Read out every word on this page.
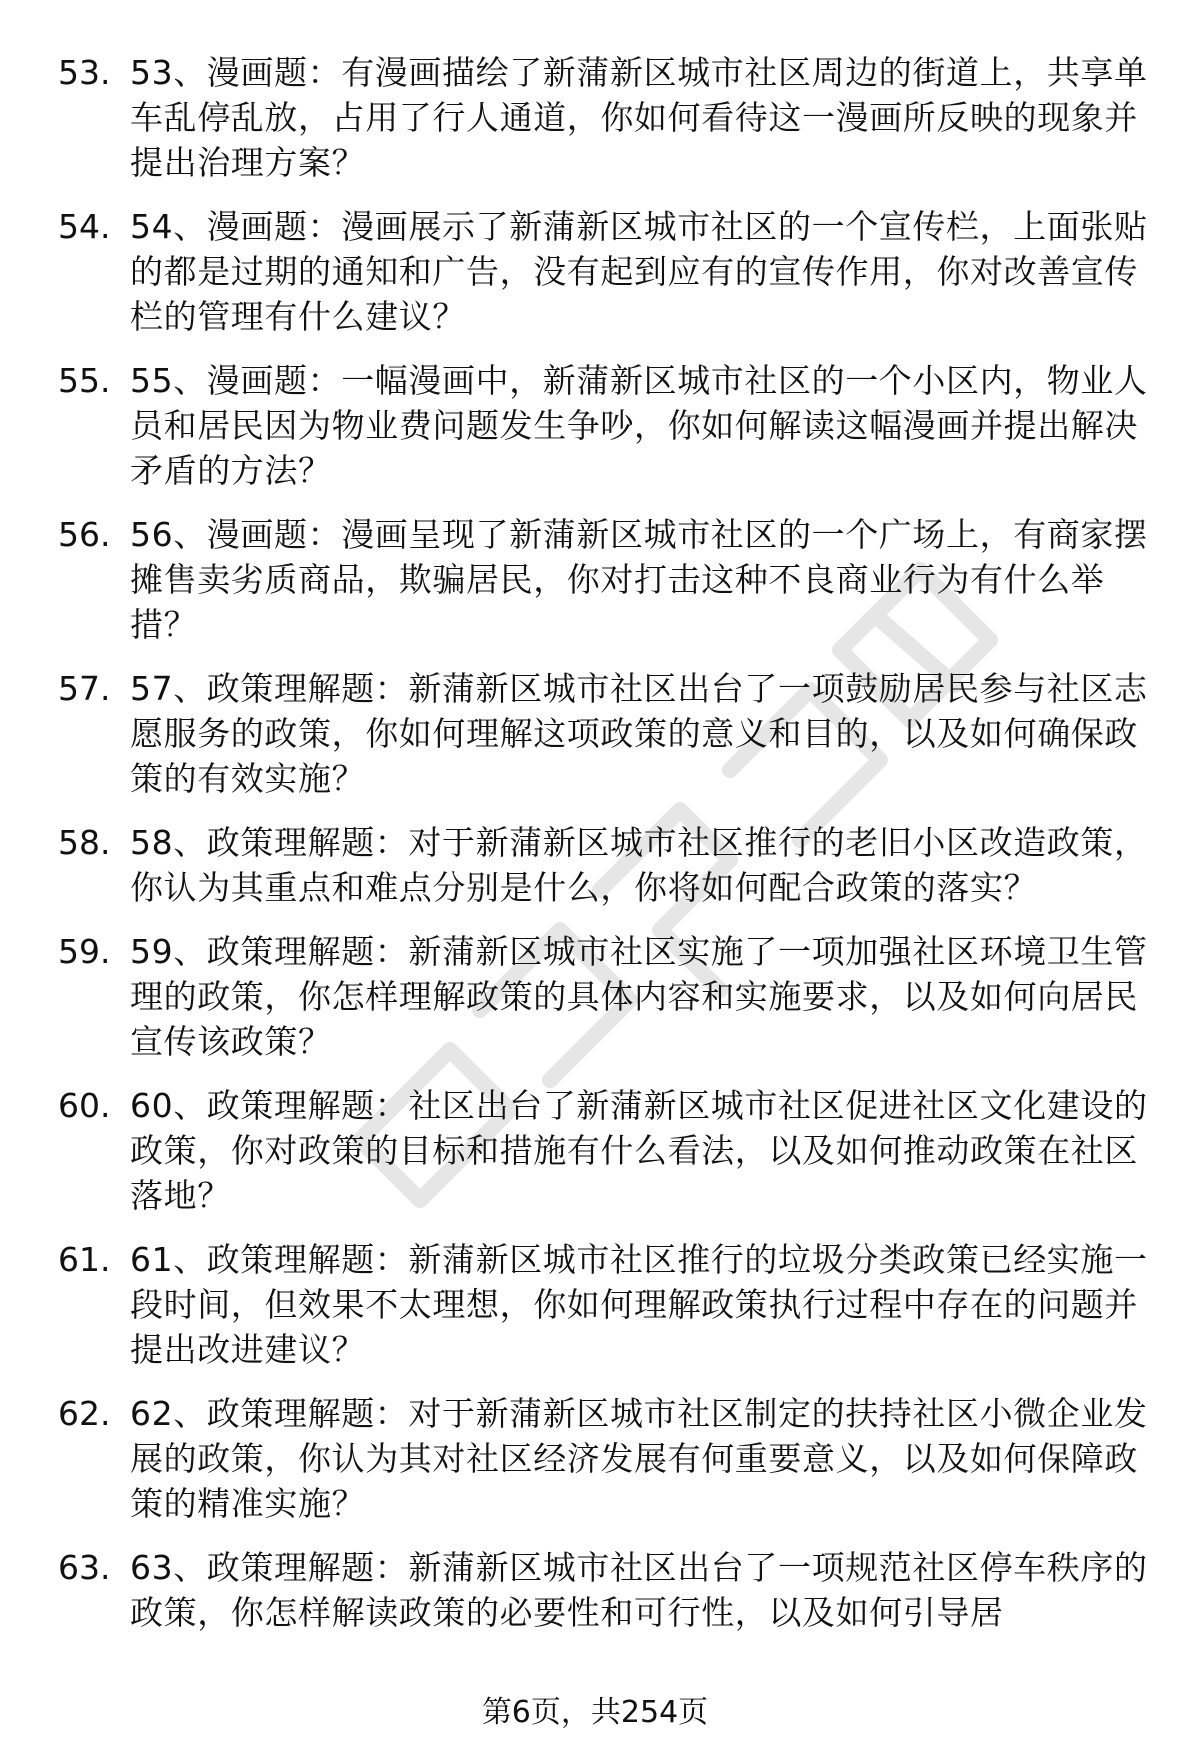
53. 53、漫画题：有漫画描绘了新蒲新区城市社区周边的街道上，共享单车乱停乱放，占用了行人通道，你如何看待这一漫画所反映的现象并提出治理方案？
54. 54、漫画题：漫画展示了新蒲新区城市社区的一个宣传栏，上面张贴的都是过期的通知和广告，没有起到应有的宣传作用，你对改善宣传栏的管理有什么建议？
55. 55、漫画题：一幅漫画中，新蒲新区城市社区的一个小区内，物业人员和居民因为物业费问题发生争吵，你如何解读这幅漫画并提出解决矛盾的方法？
56. 56、漫画题：漫画呈现了新蒲新区城市社区的一个广场上，有商家摆摊售卖劣质商品，欺骗居民，你对打击这种不良商业行为有什么举措？
57. 57、政策理解题：新蒲新区城市社区出台了一项鼓励居民参与社区志愿服务的政策，你如何理解这项政策的意义和目的，以及如何确保政策的有效实施？
58. 58、政策理解题：对于新蒲新区城市社区推行的老旧小区改造政策，你认为其重点和难点分别是什么，你将如何配合政策的落实？
59. 59、政策理解题：新蒲新区城市社区实施了一项加强社区环境卫生管理的政策，你怎样理解政策的具体内容和实施要求，以及如何向居民宣传该政策？
60. 60、政策理解题：社区出台了新蒲新区城市社区促进社区文化建设的政策，你对政策的目标和措施有什么看法，以及如何推动政策在社区落地？
61. 61、政策理解题：新蒲新区城市社区推行的垃圾分类政策已经实施一段时间，但效果不太理想，你如何理解政策执行过程中存在的问题并提出改进建议？
62. 62、政策理解题：对于新蒲新区城市社区制定的扶持社区小微企业发展的政策，你认为其对社区经济发展有何重要意义，以及如何保障政策的精准实施？
63. 63、政策理解题：新蒲新区城市社区出台了一项规范社区停车秩序的政策，你怎样解读政策的必要性和可行性，以及如何引导居
第6页，共254页
